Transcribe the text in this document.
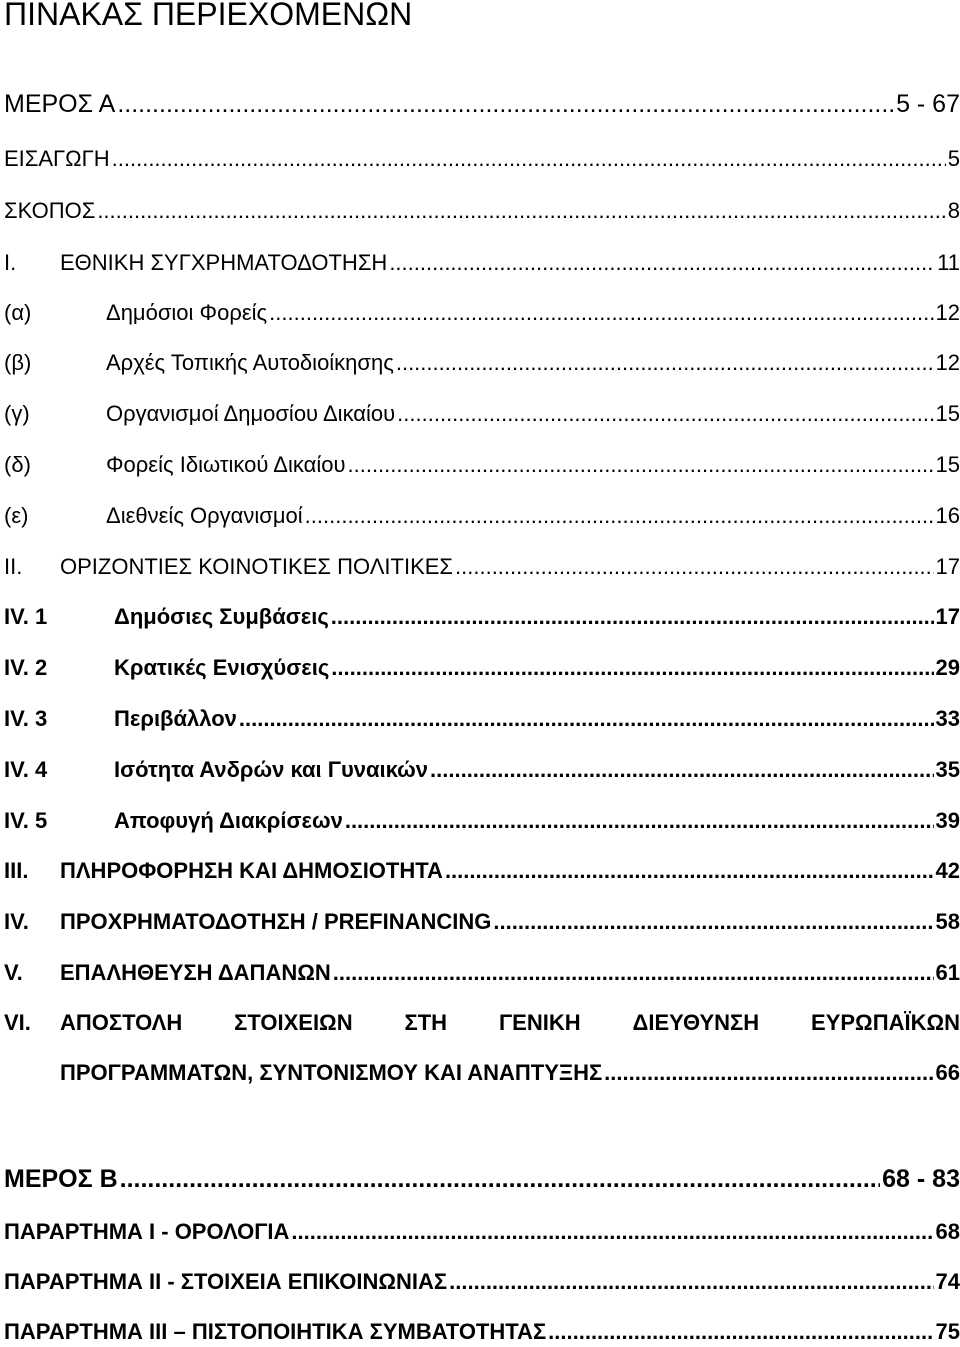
ΠΙΝΑΚΑΣ ΠΕΡΙΕΧΟΜΕΝΩΝ
ΜΕΡΟΣ Α .....	5 - 67
ΕΙΣΑΓΩΓΗ .....	5
ΣΚΟΠΟΣ .....	8
Ι.	ΕΘΝΙΚΗ ΣΥΓΧΡΗΜΑΤΟΔΟΤΗΣΗ .....	11
(α)	Δημόσιοι Φορείς .....	12
(β)	Αρχές Τοπικής Αυτοδιοίκησης .....	12
(γ)	Οργανισμοί Δημοσίου Δικαίου .....	15
(δ)	Φορείς Ιδιωτικού Δικαίου .....	15
(ε)	Διεθνείς Οργανισμοί .....	16
II.	ΟΡΙΖΟΝΤΙΕΣ ΚΟΙΝΟΤΙΚΕΣ ΠΟΛΙΤΙΚΕΣ .....	17
IV. 1	Δημόσιες Συμβάσεις .....	17
IV. 2	Κρατικές Ενισχύσεις .....	29
IV. 3	Περιβάλλον .....	33
IV. 4	Ισότητα Ανδρών και Γυναικών .....	35
IV. 5	Αποφυγή Διακρίσεων .....	39
III.	ΠΛΗΡΟΦΟΡΗΣΗ ΚΑΙ ΔΗΜΟΣΙΟΤΗΤΑ .....	42
IV.	ΠΡΟΧΡΗΜΑΤΟΔΟΤΗΣΗ / PREFINANCING .....	58
V.	ΕΠΑΛΗΘΕΥΣΗ ΔΑΠΑΝΩΝ .....	61
VI.	ΑΠΟΣΤΟΛΗ ΣΤΟΙΧΕΙΩΝ ΣΤΗ ΓΕΝΙΚΗ ΔΙΕΥΘΥΝΣΗ ΕΥΡΩΠΑΪΚΩΝ
ΠΡΟΓΡΑΜΜΑΤΩΝ, ΣΥΝΤΟΝΙΣΜΟΥ ΚΑΙ ΑΝΑΠΤΥΞΗΣ .....	66
ΜΕΡΟΣ Β .....	68 - 83
ΠΑΡΑΡΤΗΜΑ Ι - ΟΡΟΛΟΓΙΑ .....	68
ΠΑΡΑΡΤΗΜΑ ΙΙ - ΣΤΟΙΧΕΙΑ ΕΠΙΚΟΙΝΩΝΙΑΣ .....	74
ΠΑΡΑΡΤΗΜΑ ΙΙΙ – ΠΙΣΤΟΠΟΙΗΤΙΚΑ ΣΥΜΒΑΤΟΤΗΤΑΣ .....	75
